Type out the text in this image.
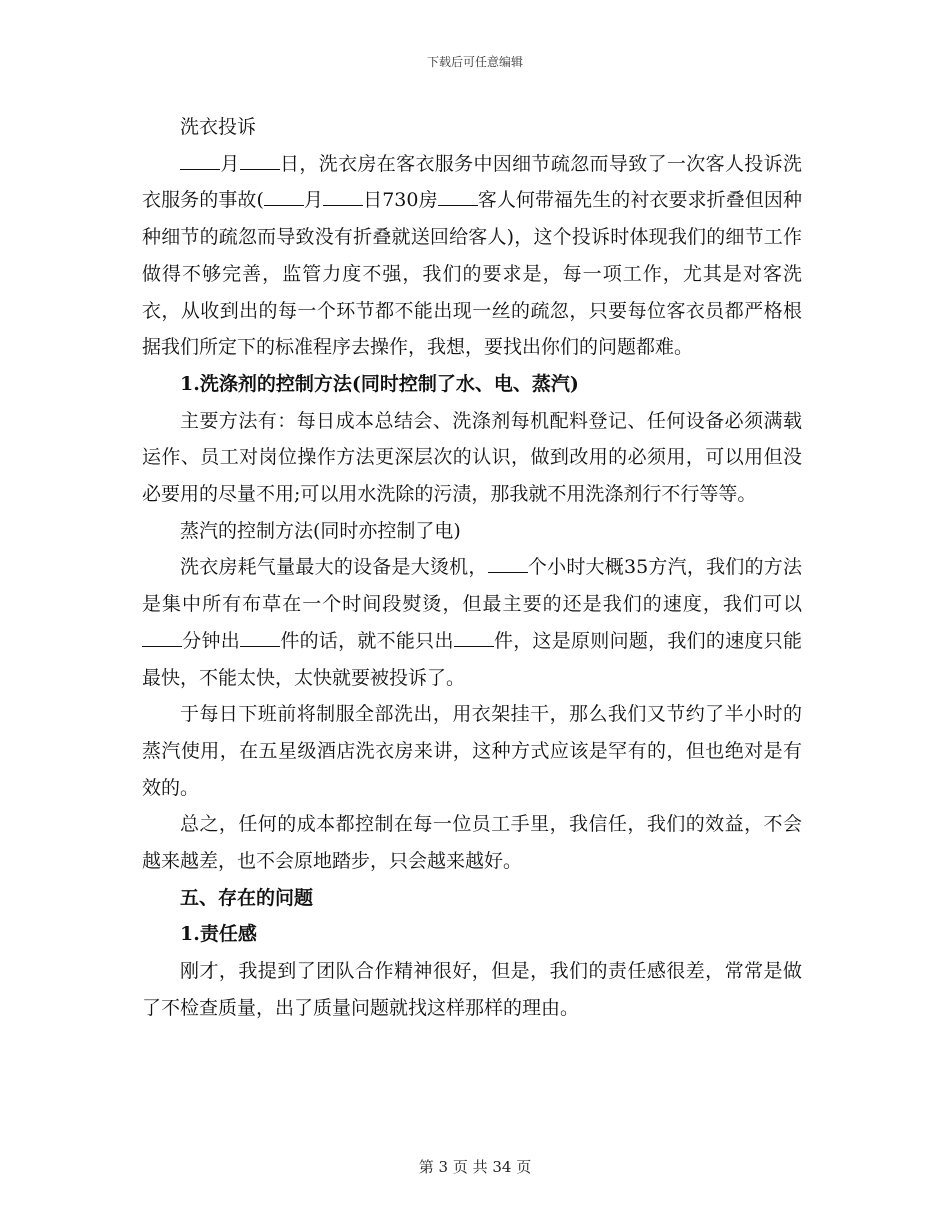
下载后可任意编辑

洗衣投诉

月 日，洗衣房在客衣服务中因细节疏忽而导致了一次客人投诉洗衣服务的事故( 月 日730房 客人何带福先生的衬衣要求折叠但因种种细节的疏忽而导致没有折叠就送回给客人)，这个投诉时体现我们的细节工作做得不够完善，监管力度不强，我们的要求是，每一项工作，尤其是对客洗衣，从收到出的每一个环节都不能出现一丝的疏忽，只要每位客衣员都严格根据我们所定下的标准程序去操作，我想，要找出你们的问题都难。

1.洗涤剂的控制方法(同时控制了水、电、蒸汽)

主要方法有：每日成本总结会、洗涤剂每机配料登记、任何设备必须满载运作、员工对岗位操作方法更深层次的认识，做到改用的必须用，可以用但没必要用的尽量不用;可以用水洗除的污渍，那我就不用洗涤剂行不行等等。

蒸汽的控制方法(同时亦控制了电)

洗衣房耗气量最大的设备是大烫机， 个小时大概35方汽，我们的方法是集中所有布草在一个时间段熨烫，但最主要的还是我们的速度，我们可以分钟出 件的话，就不能只出 件，这是原则问题，我们的速度只能最快，不能太快，太快就要被投诉了。

于每日下班前将制服全部洗出，用衣架挂干，那么我们又节约了半小时的蒸汽使用，在五星级酒店洗衣房来讲，这种方式应该是罕有的，但也绝对是有效的。

总之，任何的成本都控制在每一位员工手里，我信任，我们的效益，不会越来越差，也不会原地踏步，只会越来越好。

五、存在的问题

1.责任感

刚才，我提到了团队合作精神很好，但是，我们的责任感很差，常常是做了不检查质量，出了质量问题就找这样那样的理由。

第 3 页 共 34 页
